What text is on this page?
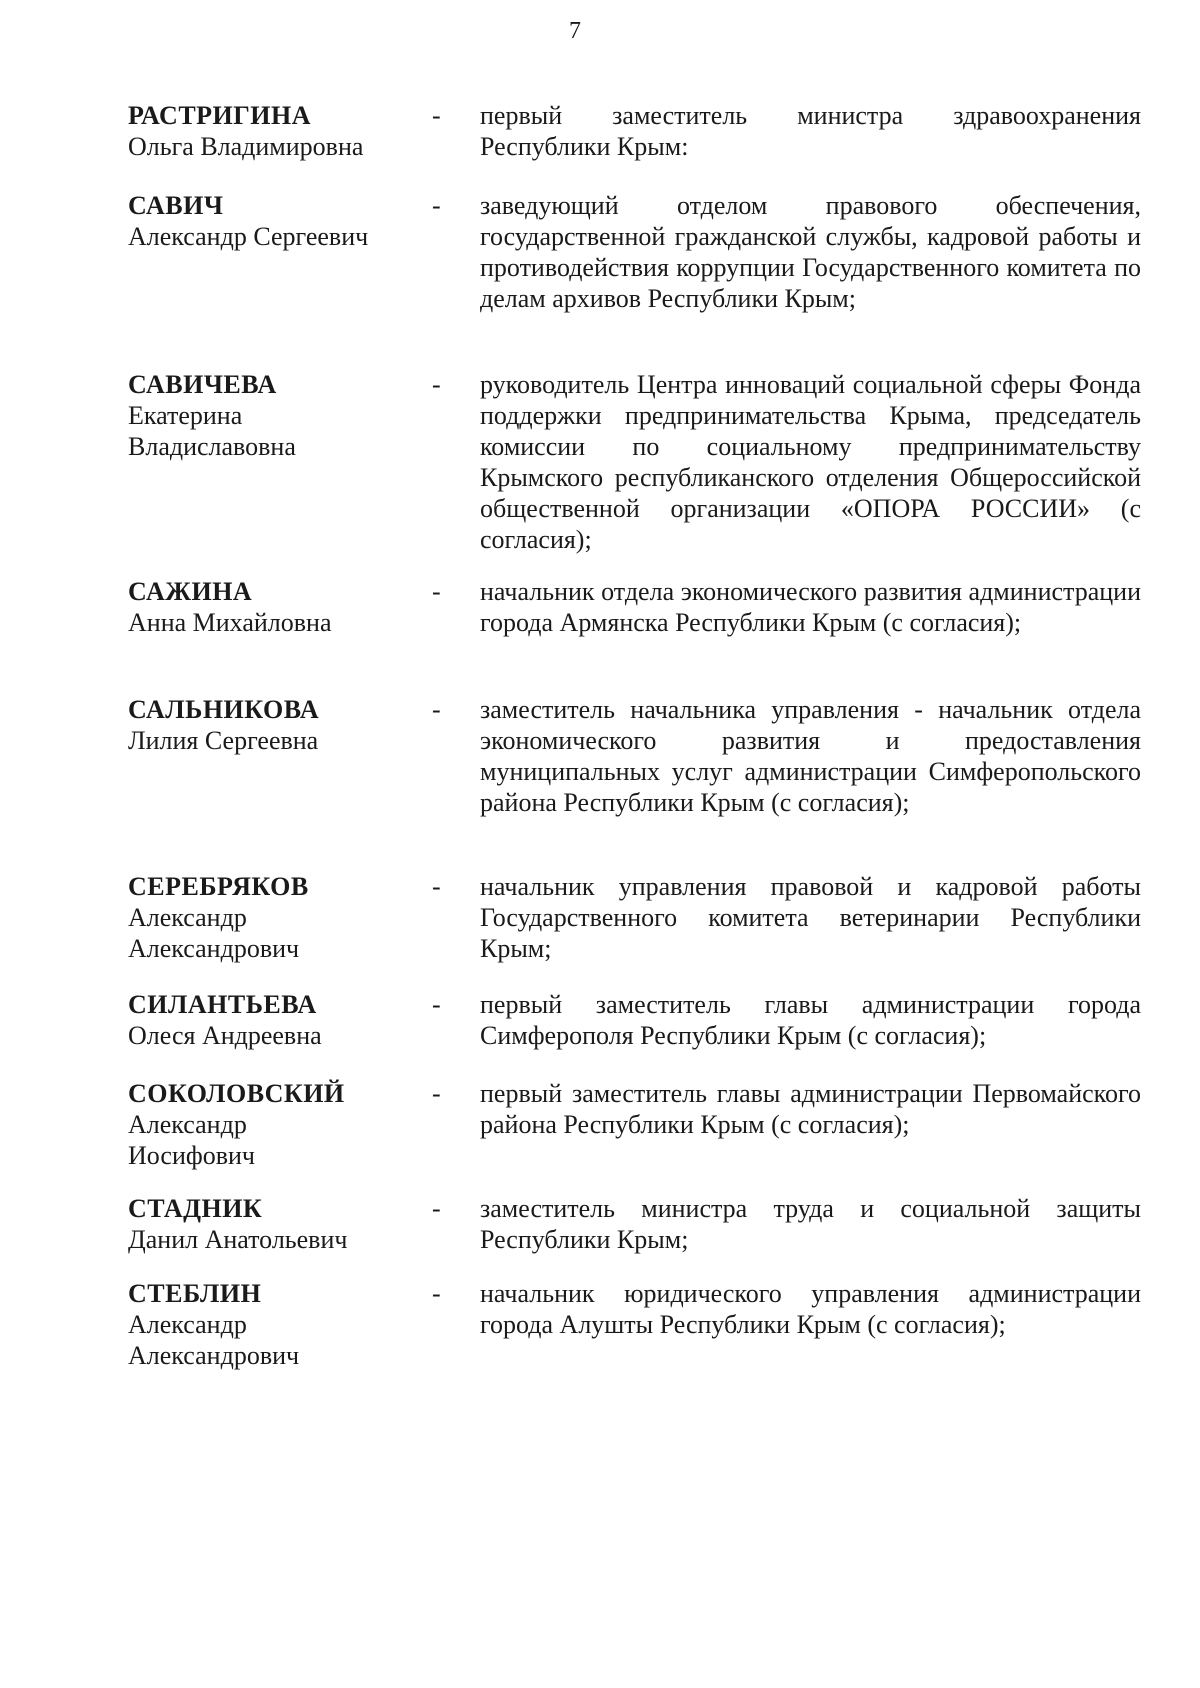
7
РАСТРИГИНА
Ольга Владимировна
- первый заместитель министра здравоохранения Республики Крым:
САВИЧ
Александр Сергеевич
- заведующий отделом правового обеспечения, государственной гражданской службы, кадровой работы и противодействия коррупции Государственного комитета по делам архивов Республики Крым;
САВИЧЕВА
Екатерина
Владиславовна
- руководитель Центра инноваций социальной сферы Фонда поддержки предпринимательства Крыма, председатель комиссии по социальному предпринимательству Крымского республиканского отделения Общероссийской общественной организации «ОПОРА РОССИИ» (с согласия);
САЖИНА
Анна Михайловна
- начальник отдела экономического развития администрации города Армянска Республики Крым (с согласия);
САЛЬНИКОВА
Лилия Сергеевна
- заместитель начальника управления - начальник отдела экономического развития и предоставления муниципальных услуг администрации Симферопольского района Республики Крым (с согласия);
СЕРЕБРЯКОВ
Александр
Александрович
- начальник управления правовой и кадровой работы Государственного комитета ветеринарии Республики Крым;
СИЛАНТЬЕВА
Олеся Андреевна
- первый заместитель главы администрации города Симферополя Республики Крым (с согласия);
СОКОЛОВСКИЙ
Александр
Иосифович
- первый заместитель главы администрации Первомайского района Республики Крым (с согласия);
СТАДНИК
Данил Анатольевич
- заместитель министра труда и социальной защиты Республики Крым;
СТЕБЛИН
Александр
Александрович
- начальник юридического управления администрации города Алушты Республики Крым (с согласия);
